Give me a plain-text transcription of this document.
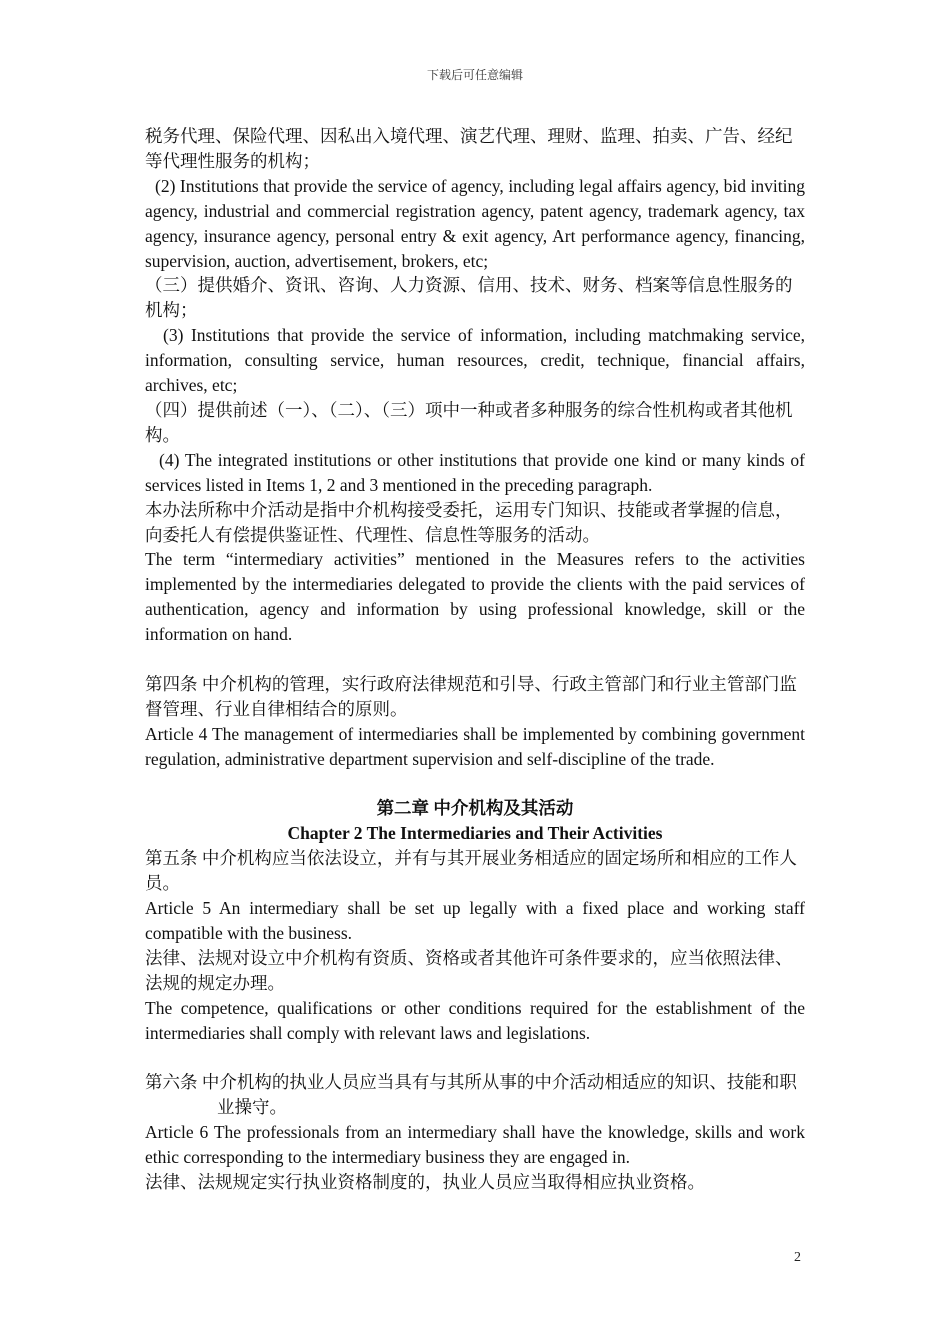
下载后可任意编辑

税务代理、保险代理、因私出入境代理、演艺代理、理财、监理、拍卖、广告、经纪等代理性服务的机构；

(2) Institutions that provide the service of agency, including legal affairs agency, bid inviting agency, industrial and commercial registration agency, patent agency, trademark agency, tax agency, insurance agency, personal entry & exit agency, Art performance agency, financing, supervision, auction, advertisement, brokers, etc;

（三）提供婚介、资讯、咨询、人力资源、信用、技术、财务、档案等信息性服务的机构；

(3) Institutions that provide the service of information, including matchmaking service, information, consulting service, human resources, credit, technique, financial affairs, archives, etc;

（四）提供前述（一）、（二）、（三）项中一种或者多种服务的综合性机构或者其他机构。

(4) The integrated institutions or other institutions that provide one kind or many kinds of services listed in Items 1, 2 and 3 mentioned in the preceding paragraph.

本办法所称中介活动是指中介机构接受委托，运用专门知识、技能或者掌握的信息，向委托人有偿提供鉴证性、代理性、信息性等服务的活动。

The term “intermediary activities” mentioned in the Measures refers to the activities implemented by the intermediaries delegated to provide the clients with the paid services of authentication, agency and information by using professional knowledge, skill or the information on hand.

第四条 中介机构的管理，实行政府法律规范和引导、行政主管部门和行业主管部门监督管理、行业自律相结合的原则。

Article 4 The management of intermediaries shall be implemented by combining government regulation, administrative department supervision and self-discipline of the trade.

第二章 中介机构及其活动

Chapter 2 The Intermediaries and Their Activities

第五条 中介机构应当依法设立，并有与其开展业务相适应的固定场所和相应的工作人员。

Article 5 An intermediary shall be set up legally with a fixed place and working staff compatible with the business.

法律、法规对设立中介机构有资质、资格或者其他许可条件要求的，应当依照法律、法规的规定办理。

The competence, qualifications or other conditions required for the establishment of the intermediaries shall comply with relevant laws and legislations.

第六条 中介机构的执业人员应当具有与其所从事的中介活动相适应的知识、技能和职业操守。

Article 6 The professionals from an intermediary shall have the knowledge, skills and work ethic corresponding to the intermediary business they are engaged in.

法律、法规规定实行执业资格制度的，执业人员应当取得相应执业资格。

2
